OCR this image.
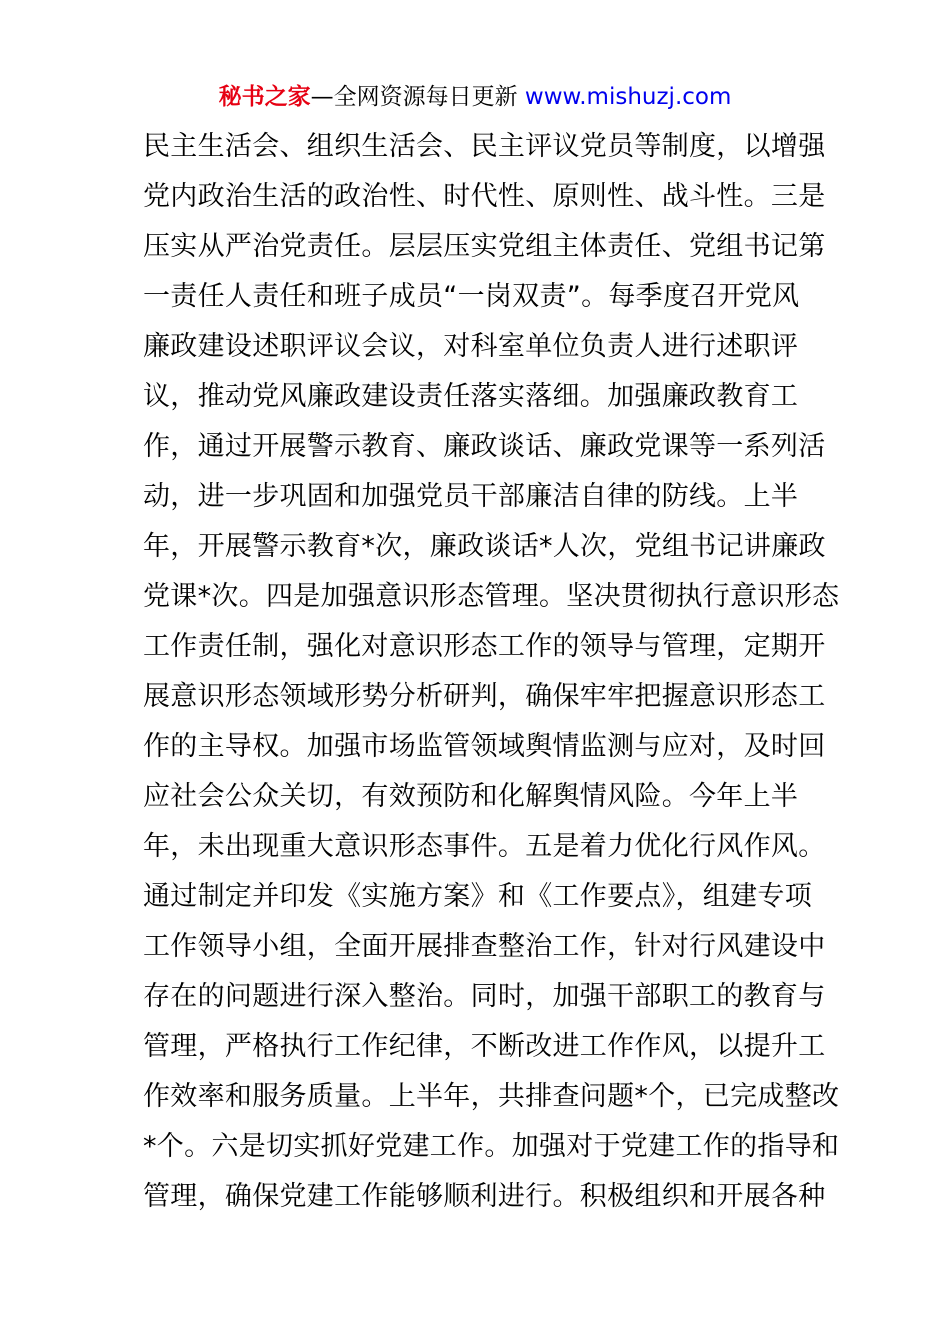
秘书之家—全网资源每日更新 www.mishuzj.com
民主生活会、组织生活会、民主评议党员等制度，以增强
党内政治生活的政治性、时代性、原则性、战斗性。三是
压实从严治党责任。层层压实党组主体责任、党组书记第
一责任人责任和班子成员“一岗双责”。每季度召开党风
廉政建设述职评议会议，对科室单位负责人进行述职评
议，推动党风廉政建设责任落实落细。加强廉政教育工
作，通过开展警示教育、廉政谈话、廉政党课等一系列活
动，进一步巩固和加强党员干部廉洁自律的防线。上半
年，开展警示教育*次，廉政谈话*人次，党组书记讲廉政
党课*次。四是加强意识形态管理。坚决贯彻执行意识形态
工作责任制，强化对意识形态工作的领导与管理，定期开
展意识形态领域形势分析研判，确保牢牢把握意识形态工
作的主导权。加强市场监管领域舆情监测与应对，及时回
应社会公众关切，有效预防和化解舆情风险。今年上半
年，未出现重大意识形态事件。五是着力优化行风作风。
通过制定并印发《实施方案》和《工作要点》，组建专项
工作领导小组，全面开展排查整治工作，针对行风建设中
存在的问题进行深入整治。同时，加强干部职工的教育与
管理，严格执行工作纪律，不断改进工作作风，以提升工
作效率和服务质量。上半年，共排查问题*个，已完成整改
*个。六是切实抓好党建工作。加强对于党建工作的指导和
管理，确保党建工作能够顺利进行。积极组织和开展各种
